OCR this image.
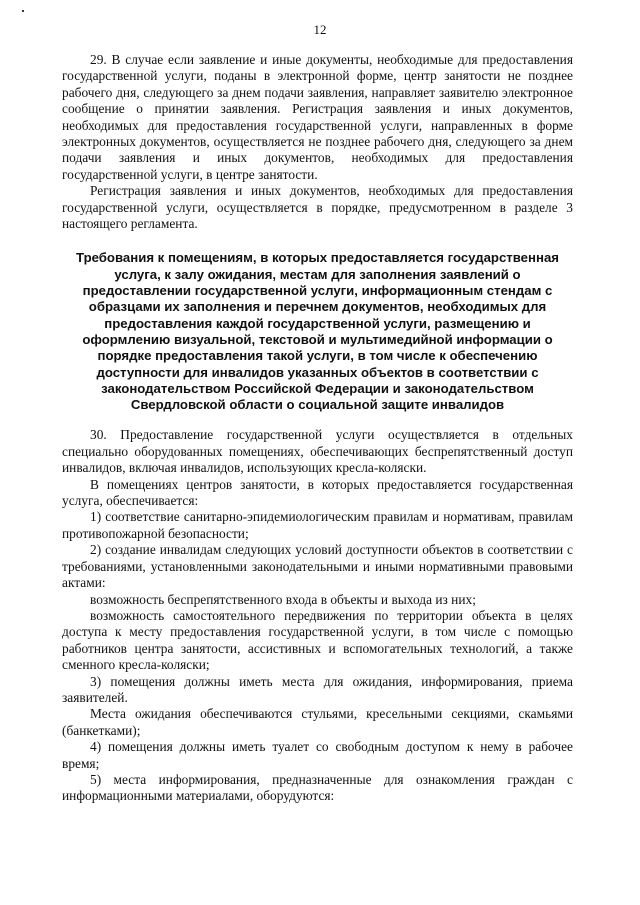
12

29. В случае если заявление и иные документы, необходимые для предоставления государственной услуги, поданы в электронной форме, центр занятости не позднее рабочего дня, следующего за днем подачи заявления, направляет заявителю электронное сообщение о принятии заявления. Регистрация заявления и иных документов, необходимых для предоставления государственной услуги, направленных в форме электронных документов, осуществляется не позднее рабочего дня, следующего за днем подачи заявления и иных документов, необходимых для предоставления государственной услуги, в центре занятости.

Регистрация заявления и иных документов, необходимых для предоставления государственной услуги, осуществляется в порядке, предусмотренном в разделе 3 настоящего регламента.

Требования к помещениям, в которых предоставляется государственная услуга, к залу ожидания, местам для заполнения заявлений о предоставлении государственной услуги, информационным стендам с образцами их заполнения и перечнем документов, необходимых для предоставления каждой государственной услуги, размещению и оформлению визуальной, текстовой и мультимедийной информации о порядке предоставления такой услуги, в том числе к обеспечению доступности для инвалидов указанных объектов в соответствии с законодательством Российской Федерации и законодательством Свердловской области о социальной защите инвалидов

30. Предоставление государственной услуги осуществляется в отдельных специально оборудованных помещениях, обеспечивающих беспрепятственный доступ инвалидов, включая инвалидов, использующих кресла-коляски.

В помещениях центров занятости, в которых предоставляется государственная услуга, обеспечивается:

1) соответствие санитарно-эпидемиологическим правилам и нормативам, правилам противопожарной безопасности;

2) создание инвалидам следующих условий доступности объектов в соответствии с требованиями, установленными законодательными и иными нормативными правовыми актами:

возможность беспрепятственного входа в объекты и выхода из них;

возможность самостоятельного передвижения по территории объекта в целях доступа к месту предоставления государственной услуги, в том числе с помощью работников центра занятости, ассистивных и вспомогательных технологий, а также сменного кресла-коляски;

3) помещения должны иметь места для ожидания, информирования, приема заявителей.

Места ожидания обеспечиваются стульями, кресельными секциями, скамьями (банкетками);

4) помещения должны иметь туалет со свободным доступом к нему в рабочее время;

5) места информирования, предназначенные для ознакомления граждан с информационными материалами, оборудуются:
